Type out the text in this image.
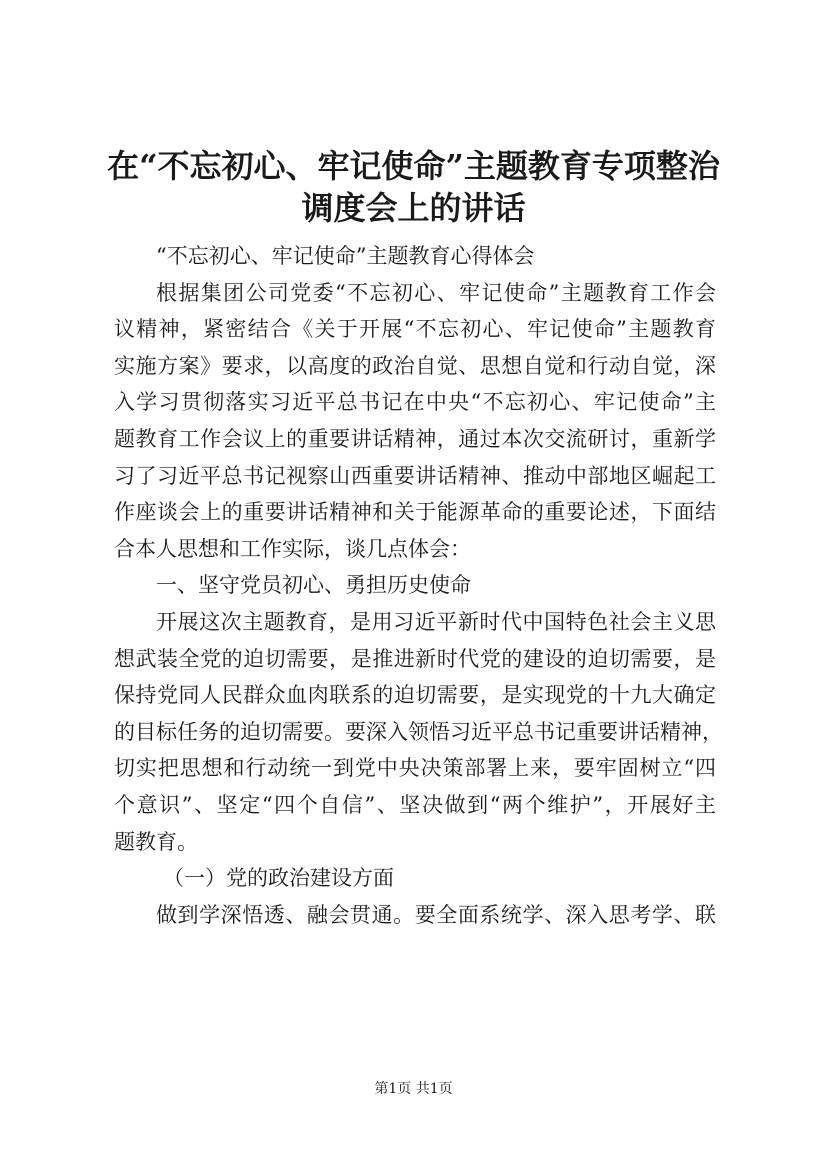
在“不忘初心、牢记使命”主题教育专项整治
调度会上的讲话
“不忘初心、牢记使命”主题教育心得体会
根据集团公司党委“不忘初心、牢记使命”主题教育工作会
议精神，紧密结合《关于开展“不忘初心、牢记使命”主题教育
实施方案》要求，以高度的政治自觉、思想自觉和行动自觉，深
入学习贯彻落实习近平总书记在中央“不忘初心、牢记使命”主
题教育工作会议上的重要讲话精神，通过本次交流研讨，重新学
习了习近平总书记视察山西重要讲话精神、推动中部地区崛起工
作座谈会上的重要讲话精神和关于能源革命的重要论述，下面结
合本人思想和工作实际，谈几点体会：
一、坚守党员初心、勇担历史使命
开展这次主题教育，是用习近平新时代中国特色社会主义思
想武装全党的迫切需要，是推进新时代党的建设的迫切需要，是
保持党同人民群众血肉联系的迫切需要，是实现党的十九大确定
的目标任务的迫切需要。要深入领悟习近平总书记重要讲话精神，
切实把思想和行动统一到党中央决策部署上来，要牢固树立“四
个意识”、坚定“四个自信”、坚决做到“两个维护”，开展好主
题教育。
（一）党的政治建设方面
做到学深悟透、融会贯通。要全面系统学、深入思考学、联
第1页 共1页
